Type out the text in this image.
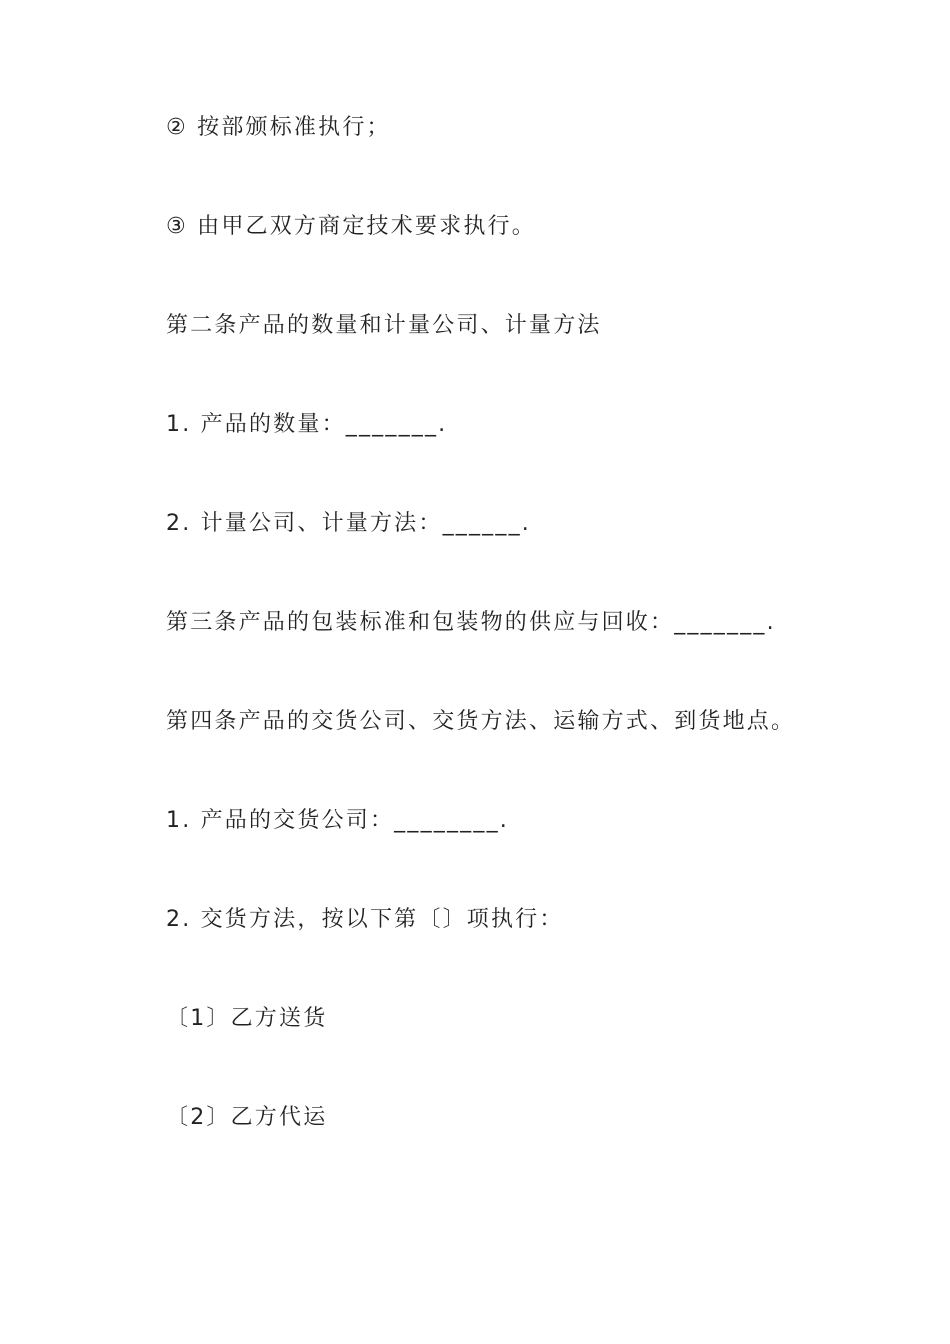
② 按部颁标准执行；

③ 由甲乙双方商定技术要求执行。

第二条产品的数量和计量公司、计量方法

1. 产品的数量：_______.

2. 计量公司、计量方法：______.

第三条产品的包装标准和包装物的供应与回收：_______.

第四条产品的交货公司、交货方法、运输方式、到货地点。

1. 产品的交货公司：________.

2. 交货方法，按以下第〔〕项执行：

〔1〕乙方送货

〔2〕乙方代运
